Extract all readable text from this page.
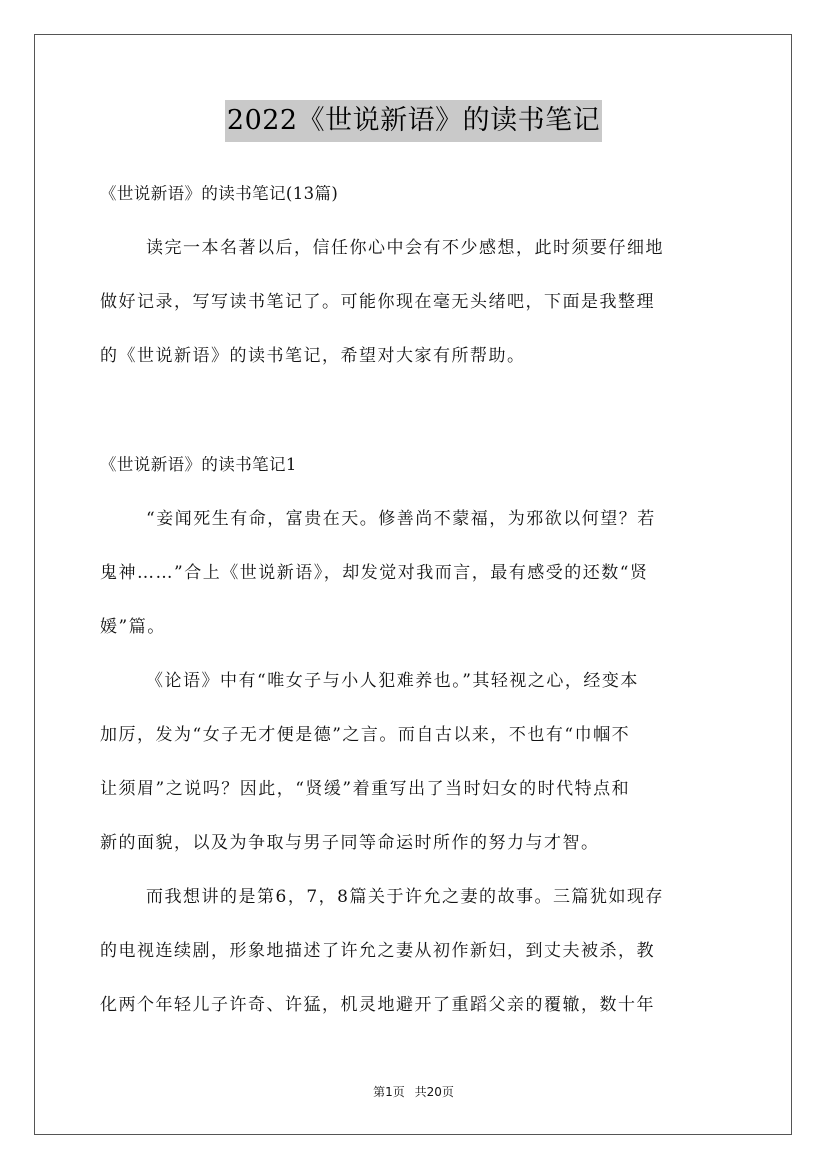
2022《世说新语》的读书笔记
《世说新语》的读书笔记(13篇)
读完一本名著以后，信任你心中会有不少感想，此时须要仔细地
做好记录，写写读书笔记了。可能你现在毫无头绪吧，下面是我整理
的《世说新语》的读书笔记，希望对大家有所帮助。
《世说新语》的读书笔记1
“妾闻死生有命，富贵在天。修善尚不蒙福，为邪欲以何望？若
鬼神……”合上《世说新语》，却发觉对我而言，最有感受的还数“贤
媛”篇。
《论语》中有“唯女子与小人犯难养也。”其轻视之心，经变本
加厉，发为“女子无才便是德”之言。而自古以来，不也有“巾帼不
让须眉”之说吗？因此，“贤缓”着重写出了当时妇女的时代特点和
新的面貌，以及为争取与男子同等命运时所作的努力与才智。
而我想讲的是第6，7，8篇关于许允之妻的故事。三篇犹如现存
的电视连续剧，形象地描述了许允之妻从初作新妇，到丈夫被杀，教
化两个年轻儿子许奇、许猛，机灵地避开了重蹈父亲的覆辙，数十年
第1页 共20页
